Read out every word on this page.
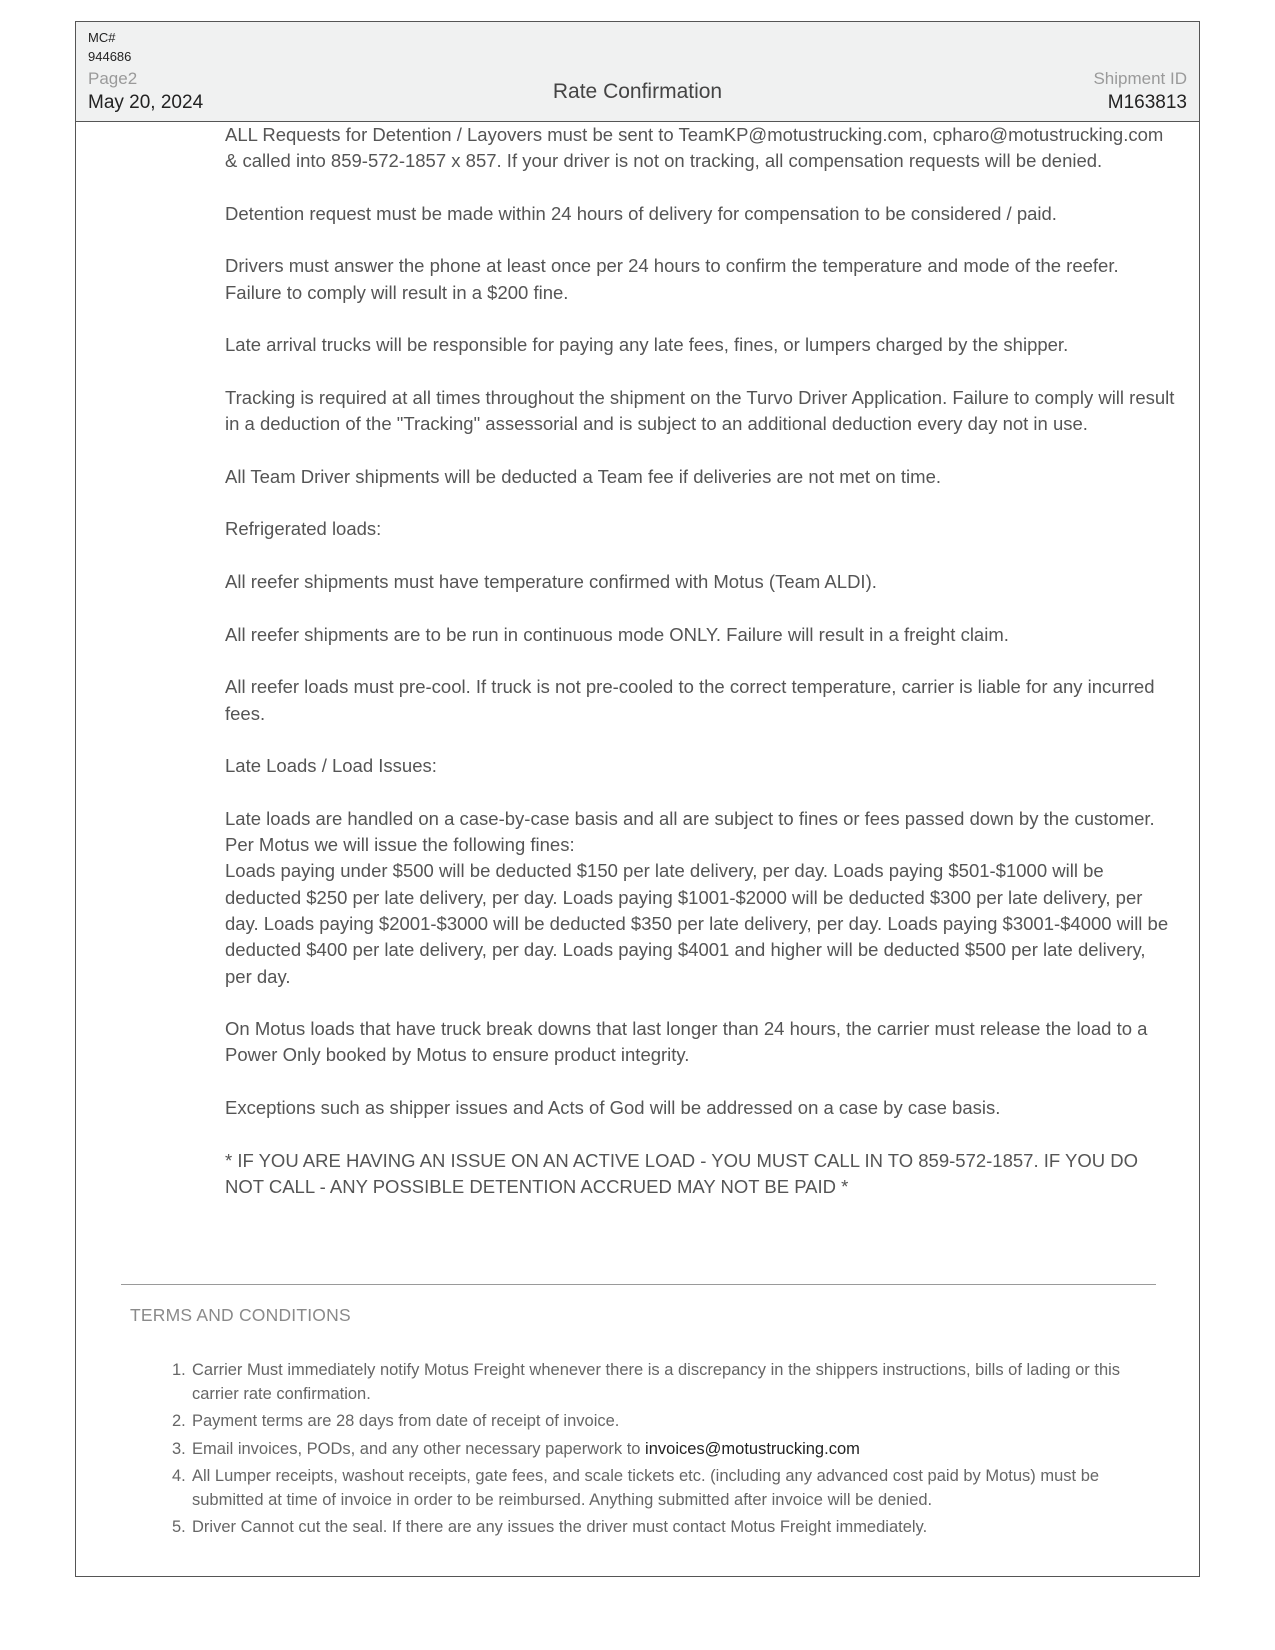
MC#
944686
Page2
May 20, 2024	Rate Confirmation
Shipment ID
M163813

ALL Requests for Detention / Layovers must be sent to TeamKP@motustrucking.com, cpharo@motustrucking.com & called into 859-572-1857 x 857. If your driver is not on tracking, all compensation requests will be denied.

Detention request must be made within 24 hours of delivery for compensation to be considered / paid.

Drivers must answer the phone at least once per 24 hours to confirm the temperature and mode of the reefer. Failure to comply will result in a $200 fine.

Late arrival trucks will be responsible for paying any late fees, fines, or lumpers charged by the shipper.

Tracking is required at all times throughout the shipment on the Turvo Driver Application. Failure to comply will result in a deduction of the "Tracking" assessorial and is subject to an additional deduction every day not in use.

All Team Driver shipments will be deducted a Team fee if deliveries are not met on time.

Refrigerated loads:

All reefer shipments must have temperature confirmed with Motus (Team ALDI).

All reefer shipments are to be run in continuous mode ONLY. Failure will result in a freight claim.

All reefer loads must pre-cool. If truck is not pre-cooled to the correct temperature, carrier is liable for any incurred fees.

Late Loads / Load Issues:

Late loads are handled on a case-by-case basis and all are subject to fines or fees passed down by the customer.
Per Motus we will issue the following fines:
Loads paying under $500 will be deducted $150 per late delivery, per day. Loads paying $501-$1000 will be deducted $250 per late delivery, per day. Loads paying $1001-$2000 will be deducted $300 per late delivery, per day. Loads paying $2001-$3000 will be deducted $350 per late delivery, per day. Loads paying $3001-$4000 will be deducted $400 per late delivery, per day. Loads paying $4001 and higher will be deducted $500 per late delivery, per day.

On Motus loads that have truck break downs that last longer than 24 hours, the carrier must release the load to a Power Only booked by Motus to ensure product integrity.

Exceptions such as shipper issues and Acts of God will be addressed on a case by case basis.

* IF YOU ARE HAVING AN ISSUE ON AN ACTIVE LOAD - YOU MUST CALL IN TO 859-572-1857. IF YOU DO NOT CALL - ANY POSSIBLE DETENTION ACCRUED MAY NOT BE PAID *

TERMS AND CONDITIONS
1. Carrier Must immediately notify Motus Freight whenever there is a discrepancy in the shippers instructions, bills of lading or this carrier rate confirmation.
2. Payment terms are 28 days from date of receipt of invoice.
3. Email invoices, PODs, and any other necessary paperwork to invoices@motustrucking.com
4. All Lumper receipts, washout receipts, gate fees, and scale tickets etc. (including any advanced cost paid by Motus) must be submitted at time of invoice in order to be reimbursed. Anything submitted after invoice will be denied.
5. Driver Cannot cut the seal. If there are any issues the driver must contact Motus Freight immediately.
